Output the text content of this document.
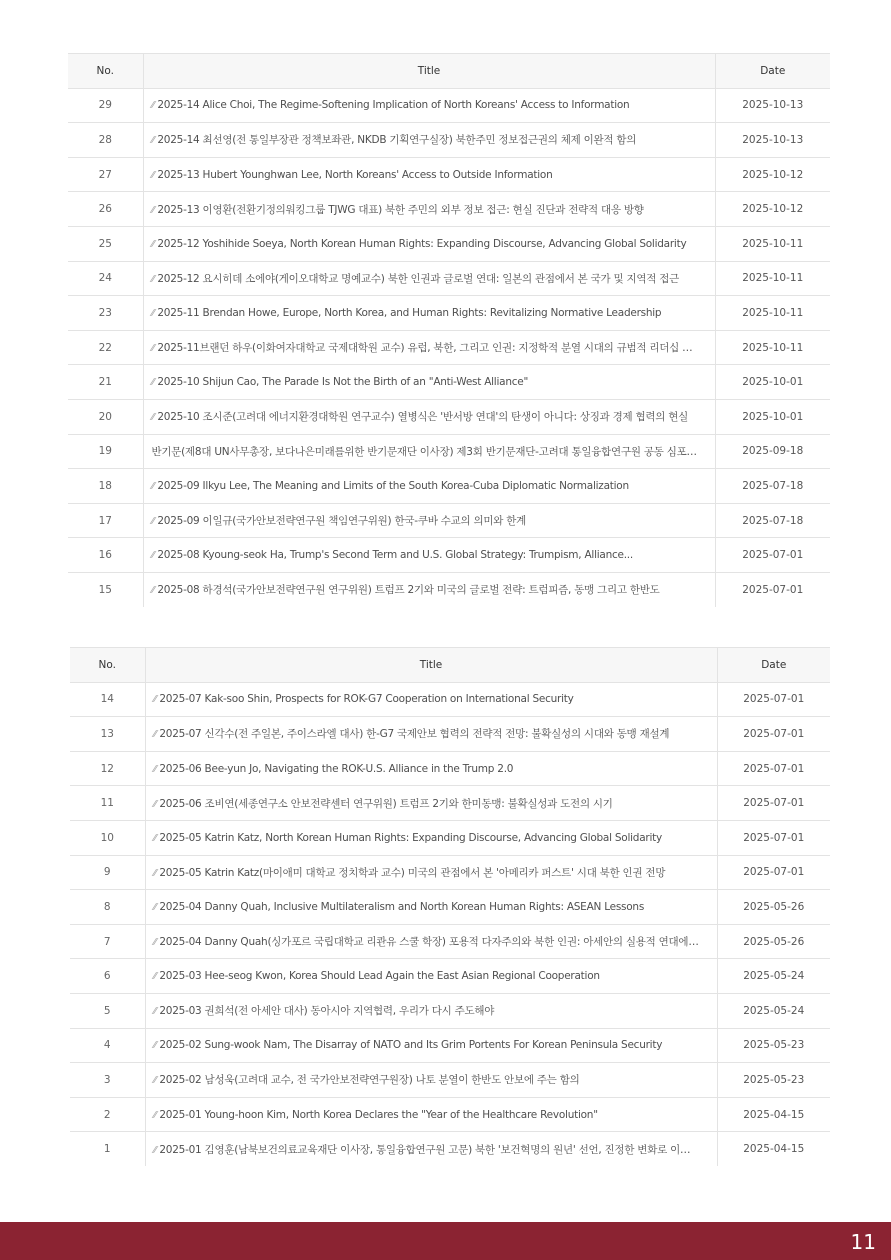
No.	Title	Date
29	⁄⁄ 2025-14 Alice Choi, The Regime-Softening Implication of North Koreans' Access to Information	2025-10-13
28	⁄⁄ 2025-14 최선영(전 통일부장관 정책보좌관, NKDB 기획연구실장) 북한주민 정보접근권의 체제 이완적 함의	2025-10-13
27	⁄⁄ 2025-13 Hubert Younghwan Lee, North Koreans' Access to Outside Information	2025-10-12
26	⁄⁄ 2025-13 이영환(전환기정의워킹그룹 TJWG 대표) 북한 주민의 외부 정보 접근: 현실 진단과 전략적 대응 방향	2025-10-12
25	⁄⁄ 2025-12 Yoshihide Soeya, North Korean Human Rights: Expanding Discourse, Advancing Global Solidarity	2025-10-11
24	⁄⁄ 2025-12 요시히데 소에야(게이오대학교 명예교수) 북한 인권과 글로벌 연대: 일본의 관점에서 본 국가 및 지역적 접근	2025-10-11
23	⁄⁄ 2025-11 Brendan Howe, Europe, North Korea, and Human Rights: Revitalizing Normative Leadership	2025-10-11
22	⁄⁄ 2025-11브랜던 하우(이화여자대학교 국제대학원 교수) 유럽, 북한, 그리고 인권: 지정학적 분열 시대의 규범적 리더십 …	2025-10-11
21	⁄⁄ 2025-10 Shijun Cao, The Parade Is Not the Birth of an "Anti-West Alliance"	2025-10-01
20	⁄⁄ 2025-10 조시준(고려대 에너지환경대학원 연구교수) 열병식은 '반서방 연대'의 탄생이 아니다: 상징과 경제 협력의 현실	2025-10-01
19	반기문(제8대 UN사무총장, 보다나은미래를위한 반기문재단 이사장) 제3회 반기문재단-고려대 통일융합연구원 공동 심포…	2025-09-18
18	⁄⁄ 2025-09 Ilkyu Lee, The Meaning and Limits of the South Korea-Cuba Diplomatic Normalization	2025-07-18
17	⁄⁄ 2025-09 이일규(국가안보전략연구원 책임연구위원) 한국-쿠바 수교의 의미와 한계	2025-07-18
16	⁄⁄ 2025-08 Kyoung-seok Ha, Trump's Second Term and U.S. Global Strategy: Trumpism, Alliance...	2025-07-01
15	⁄⁄ 2025-08 하경석(국가안보전략연구원 연구위원) 트럼프 2기와 미국의 글로벌 전략: 트럼피즘, 동맹 그리고 한반도	2025-07-01
No.	Title	Date
14	⁄⁄ 2025-07 Kak-soo Shin, Prospects for ROK-G7 Cooperation on International Security	2025-07-01
13	⁄⁄ 2025-07 신각수(전 주일본, 주이스라엘 대사) 한-G7 국제안보 협력의 전략적 전망: 불확실성의 시대와 동맹 재설계	2025-07-01
12	⁄⁄ 2025-06 Bee-yun Jo, Navigating the ROK-U.S. Alliance in the Trump 2.0	2025-07-01
11	⁄⁄ 2025-06 조비연(세종연구소 안보전략센터 연구위원) 트럼프 2기와 한미동맹: 불확실성과 도전의 시기	2025-07-01
10	⁄⁄ 2025-05 Katrin Katz, North Korean Human Rights: Expanding Discourse, Advancing Global Solidarity	2025-07-01
9	⁄⁄ 2025-05 Katrin Katz(마이애미 대학교 정치학과 교수) 미국의 관점에서 본 '아메리카 퍼스트' 시대 북한 인권 전망	2025-07-01
8	⁄⁄ 2025-04 Danny Quah, Inclusive Multilateralism and North Korean Human Rights: ASEAN Lessons	2025-05-26
7	⁄⁄ 2025-04 Danny Quah(싱가포르 국립대학교 리콴유 스쿨 학장) 포용적 다자주의와 북한 인권: 아세안의 실용적 연대에…	2025-05-26
6	⁄⁄ 2025-03 Hee-seog Kwon, Korea Should Lead Again the East Asian Regional Cooperation	2025-05-24
5	⁄⁄ 2025-03 권희석(전 아세안 대사) 동아시아 지역협력, 우리가 다시 주도해야	2025-05-24
4	⁄⁄ 2025-02 Sung-wook Nam, The Disarray of NATO and Its Grim Portents For Korean Peninsula Security	2025-05-23
3	⁄⁄ 2025-02 남성욱(고려대 교수, 전 국가안보전략연구원장) 나토 분열이 한반도 안보에 주는 함의	2025-05-23
2	⁄⁄ 2025-01 Young-hoon Kim, North Korea Declares the "Year of the Healthcare Revolution"	2025-04-15
1	⁄⁄ 2025-01 김영훈(남북보건의료교육재단 이사장, 통일융합연구원 고문) 북한 '보건혁명의 원년' 선언, 진정한 변화로 이…	2025-04-15
11
